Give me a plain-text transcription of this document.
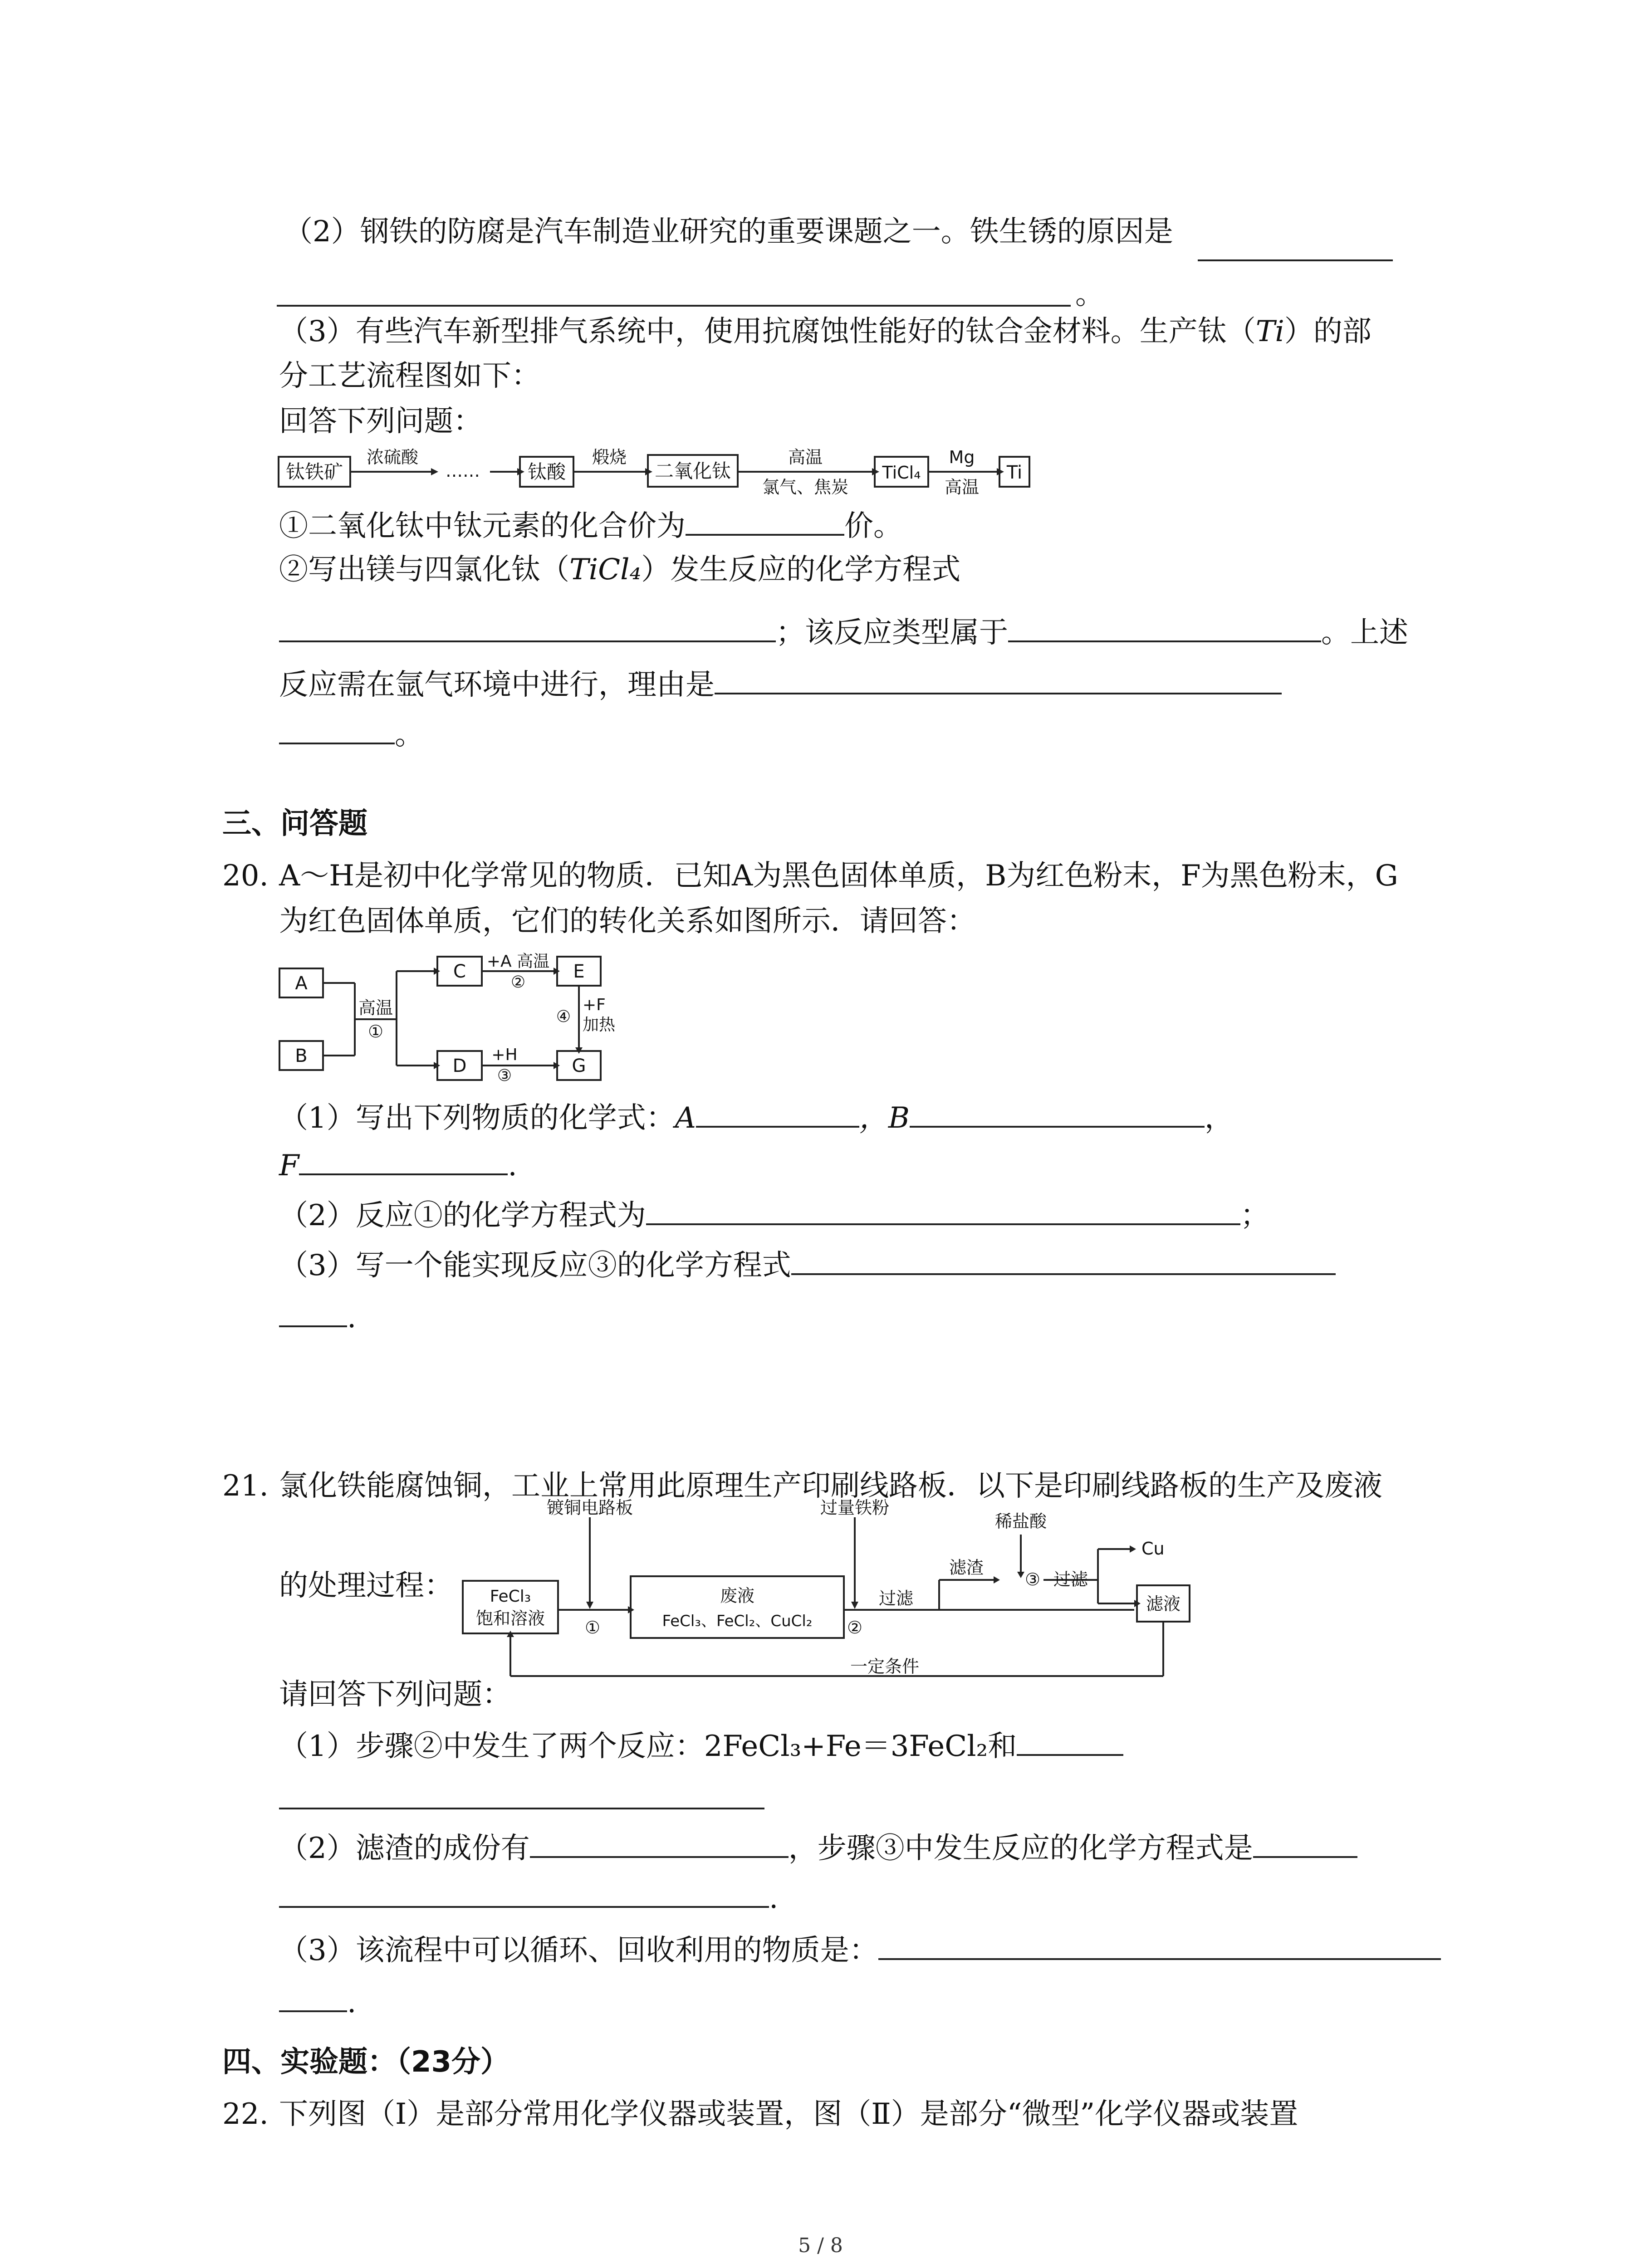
（2）钢铁的防腐是汽车制造业研究的重要课题之一。铁生锈的原因是
。
（3）有些汽车新型排气系统中，使用抗腐蚀性能好的钛合金材料。生产钛（Ti）的部
分工艺流程图如下：
回答下列问题：
钛铁矿
浓硫酸
…… 钛酸
煅烧
二氧化钛
高温
氯气、焦炭
TiCl₄
Mg
高温
Ti
①二氧化钛中钛元素的化合价为	价。
②写出镁与四氯化钛（TiCl₄）发生反应的化学方程式
；该反应类型属于	。上述
反应需在氩气环境中进行，理由是
。
三、问答题
20. A～H是初中化学常见的物质．已知A为黑色固体单质，B为红色粉末，F为黑色粉末，G
为红色固体单质，它们的转化关系如图所示．请回答：
A
B
C
D
E
G
高温
①
+A 高温
②
+H
③
④
+F
加热
（1）写出下列物质的化学式：A	，B	，
F	.
（2）反应①的化学方程式为	；
（3）写一个能实现反应③的化学方程式
.
21. 氯化铁能腐蚀铜，工业上常用此原理生产印刷线路板．以下是印刷线路板的生产及废液
的处理过程：
镀铜电路板	过量铁粉
稀盐酸
FeCl₃
饱和溶液 ①
废液
FeCl₃、FeCl₂、CuCl₂ ②
过滤
滤渣
③ 过滤
Cu
滤液
一定条件
请回答下列问题：
（1）步骤②中发生了两个反应：2FeCl₃+Fe＝3FeCl₂和
（2）滤渣的成份有	，步骤③中发生反应的化学方程式是
.
（3）该流程中可以循环、回收利用的物质是：
.
四、实验题：（23分）
22. 下列图（Ⅰ）是部分常用化学仪器或装置，图（Ⅱ）是部分“微型”化学仪器或装置
5 / 8
